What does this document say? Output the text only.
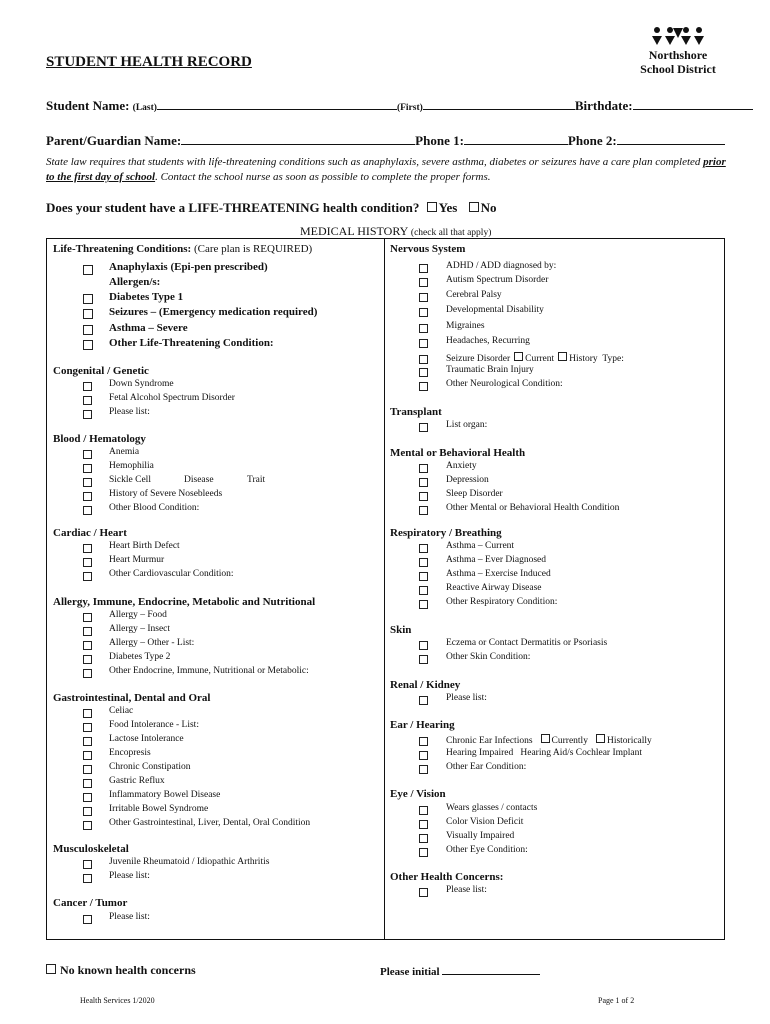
STUDENT HEALTH RECORD	Northshore
School District
Student Name: (Last)	(First)	Birthdate:
Parent/Guardian Name:	Phone 1:	Phone 2:
State law requires that students with life-threatening conditions such as anaphylaxis, severe asthma, diabetes or seizures have a care plan completed prior to the first day of school. Contact the school nurse as soon as possible to complete the proper forms.
Does your student have a LIFE-THREATENING health condition? Yes No
MEDICAL HISTORY (check all that apply)
Life-Threatening Conditions: (Care plan is REQUIRED)
Anaphylaxis (Epi-pen prescribed)
Allergen/s:
Diabetes Type 1
Seizures – (Emergency medication required)
Asthma – Severe
Other Life-Threatening Condition:
Congenital / Genetic
Down Syndrome
Fetal Alcohol Spectrum Disorder
Please list:
Blood / Hematology
Anemia
Hemophilia
Sickle Cell	Disease	Trait
History of Severe Nosebleeds
Other Blood Condition:
Cardiac / Heart
Heart Birth Defect
Heart Murmur
Other Cardiovascular Condition:
Allergy, Immune, Endocrine, Metabolic and Nutritional
Allergy – Food
Allergy – Insect
Allergy – Other - List:
Diabetes Type 2
Other Endocrine, Immune, Nutritional or Metabolic:
Gastrointestinal, Dental and Oral
Celiac
Food Intolerance - List:
Lactose Intolerance
Encopresis
Chronic Constipation
Gastric Reflux
Inflammatory Bowel Disease
Irritable Bowel Syndrome
Other Gastrointestinal, Liver, Dental, Oral Condition
Musculoskeletal
Juvenile Rheumatoid / Idiopathic Arthritis
Please list:
Cancer / Tumor
Please list:
Nervous System
ADHD / ADD diagnosed by:
Autism Spectrum Disorder
Cerebral Palsy
Developmental Disability
Migraines
Headaches, Recurring
Seizure Disorder Current History Type:
Traumatic Brain Injury
Other Neurological Condition:
Transplant
List organ:
Mental or Behavioral Health
Anxiety
Depression
Sleep Disorder
Other Mental or Behavioral Health Condition
Respiratory / Breathing
Asthma – Current
Asthma – Ever Diagnosed
Asthma – Exercise Induced
Reactive Airway Disease
Other Respiratory Condition:
Skin
Eczema or Contact Dermatitis or Psoriasis
Other Skin Condition:
Renal / Kidney
Please list:
Ear / Hearing
Chronic Ear Infections Currently Historically
Hearing Impaired Hearing Aid/s Cochlear Implant
Other Ear Condition:
Eye / Vision
Wears glasses / contacts
Color Vision Deficit
Visually Impaired
Other Eye Condition:
Other Health Concerns:
Please list:
No known health concerns	Please initial
Health Services 1/2020	Page 1 of 2
